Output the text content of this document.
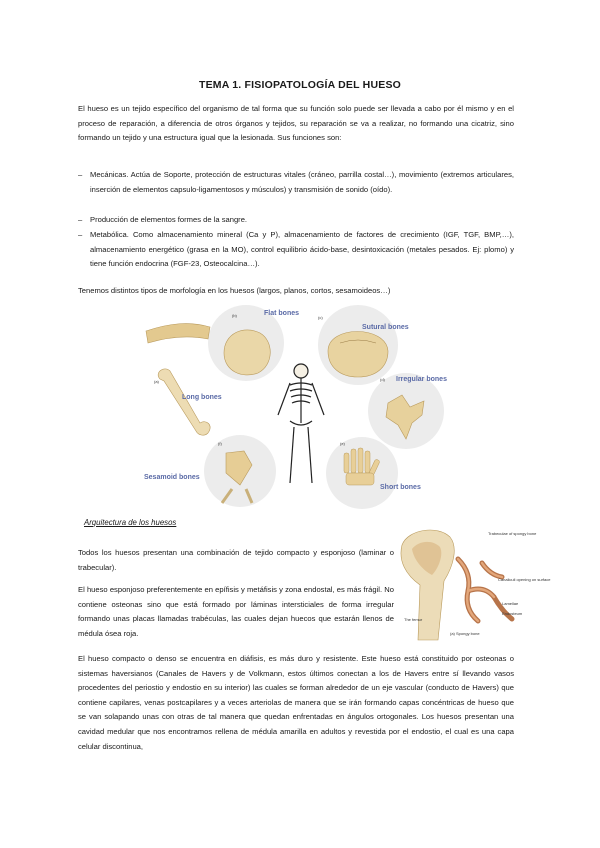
TEMA 1. FISIOPATOLOGÍA DEL HUESO
El hueso es un tejido específico del organismo de tal forma que su función solo puede ser llevada a cabo por él mismo y en el proceso de reparación, a diferencia de otros órganos y tejidos, su reparación se va a realizar, no formando una cicatriz, sino formando un tejido y una estructura igual que la lesionada. Sus funciones son:
–	Mecánicas. Actúa de Soporte, protección de estructuras vitales (cráneo, parrilla costal…), movimiento (extremos articulares, inserción de elementos capsulo-ligamentosos y músculos) y transmisión de sonido (oído).
–	Producción de elementos formes de la sangre.
–	Metabólica. Como almacenamiento mineral (Ca y P), almacenamiento de factores de crecimiento (IGF, TGF, BMP,…), almacenamiento energético (grasa en la MO), control equilibrio ácido-base, desintoxicación (metales pesados. Ej: plomo) y tiene función endocrina (FGF-23, Osteocalcina…).
Tenemos distintos tipos de morfología en los huesos (largos, planos, cortos, sesamoideos…)
Flat bones
Sutural bones
Irregular bones
Long bones
Short bones
Sesamoid bones
(a)
(b)	(c)
(d)
(e)
(f)
Arquitectura de los huesos
Todos los huesos presentan una combinación de tejido compacto y esponjoso (laminar o trabecular).
El hueso esponjoso preferentemente en epífisis y metáfisis y zona endostal, es más frágil. No contiene osteonas sino que está formado por láminas intersticiales de forma irregular formando unas placas llamadas trabéculas, las cuales dejan huecos que estarán llenos de médula ósea roja.
Trabeculae of spongy bone
Canaliculi opening on surface
Lamellae
Endosteum
The femur
(a) Spongy bone
El hueso compacto o denso se encuentra en diáfisis, es más duro y resistente. Este hueso está constituido por osteonas o sistemas haversianos (Canales de Havers y de Volkmann, estos últimos conectan a los de Havers entre sí llevando vasos procedentes del periostio y endostio en su interior) las cuales se forman alrededor de un eje vascular (conducto de Havers) que contiene capilares, venas postcapilares y a veces arteriolas de manera que se irán formando capas concéntricas de hueso que se van solapando unas con otras de tal manera que quedan enfrentadas en ángulos ortogonales. Los huesos presentan una cavidad medular que nos encontramos rellena de médula amarilla en adultos y revestida por el endostio, el cual es una capa celular discontinua,
